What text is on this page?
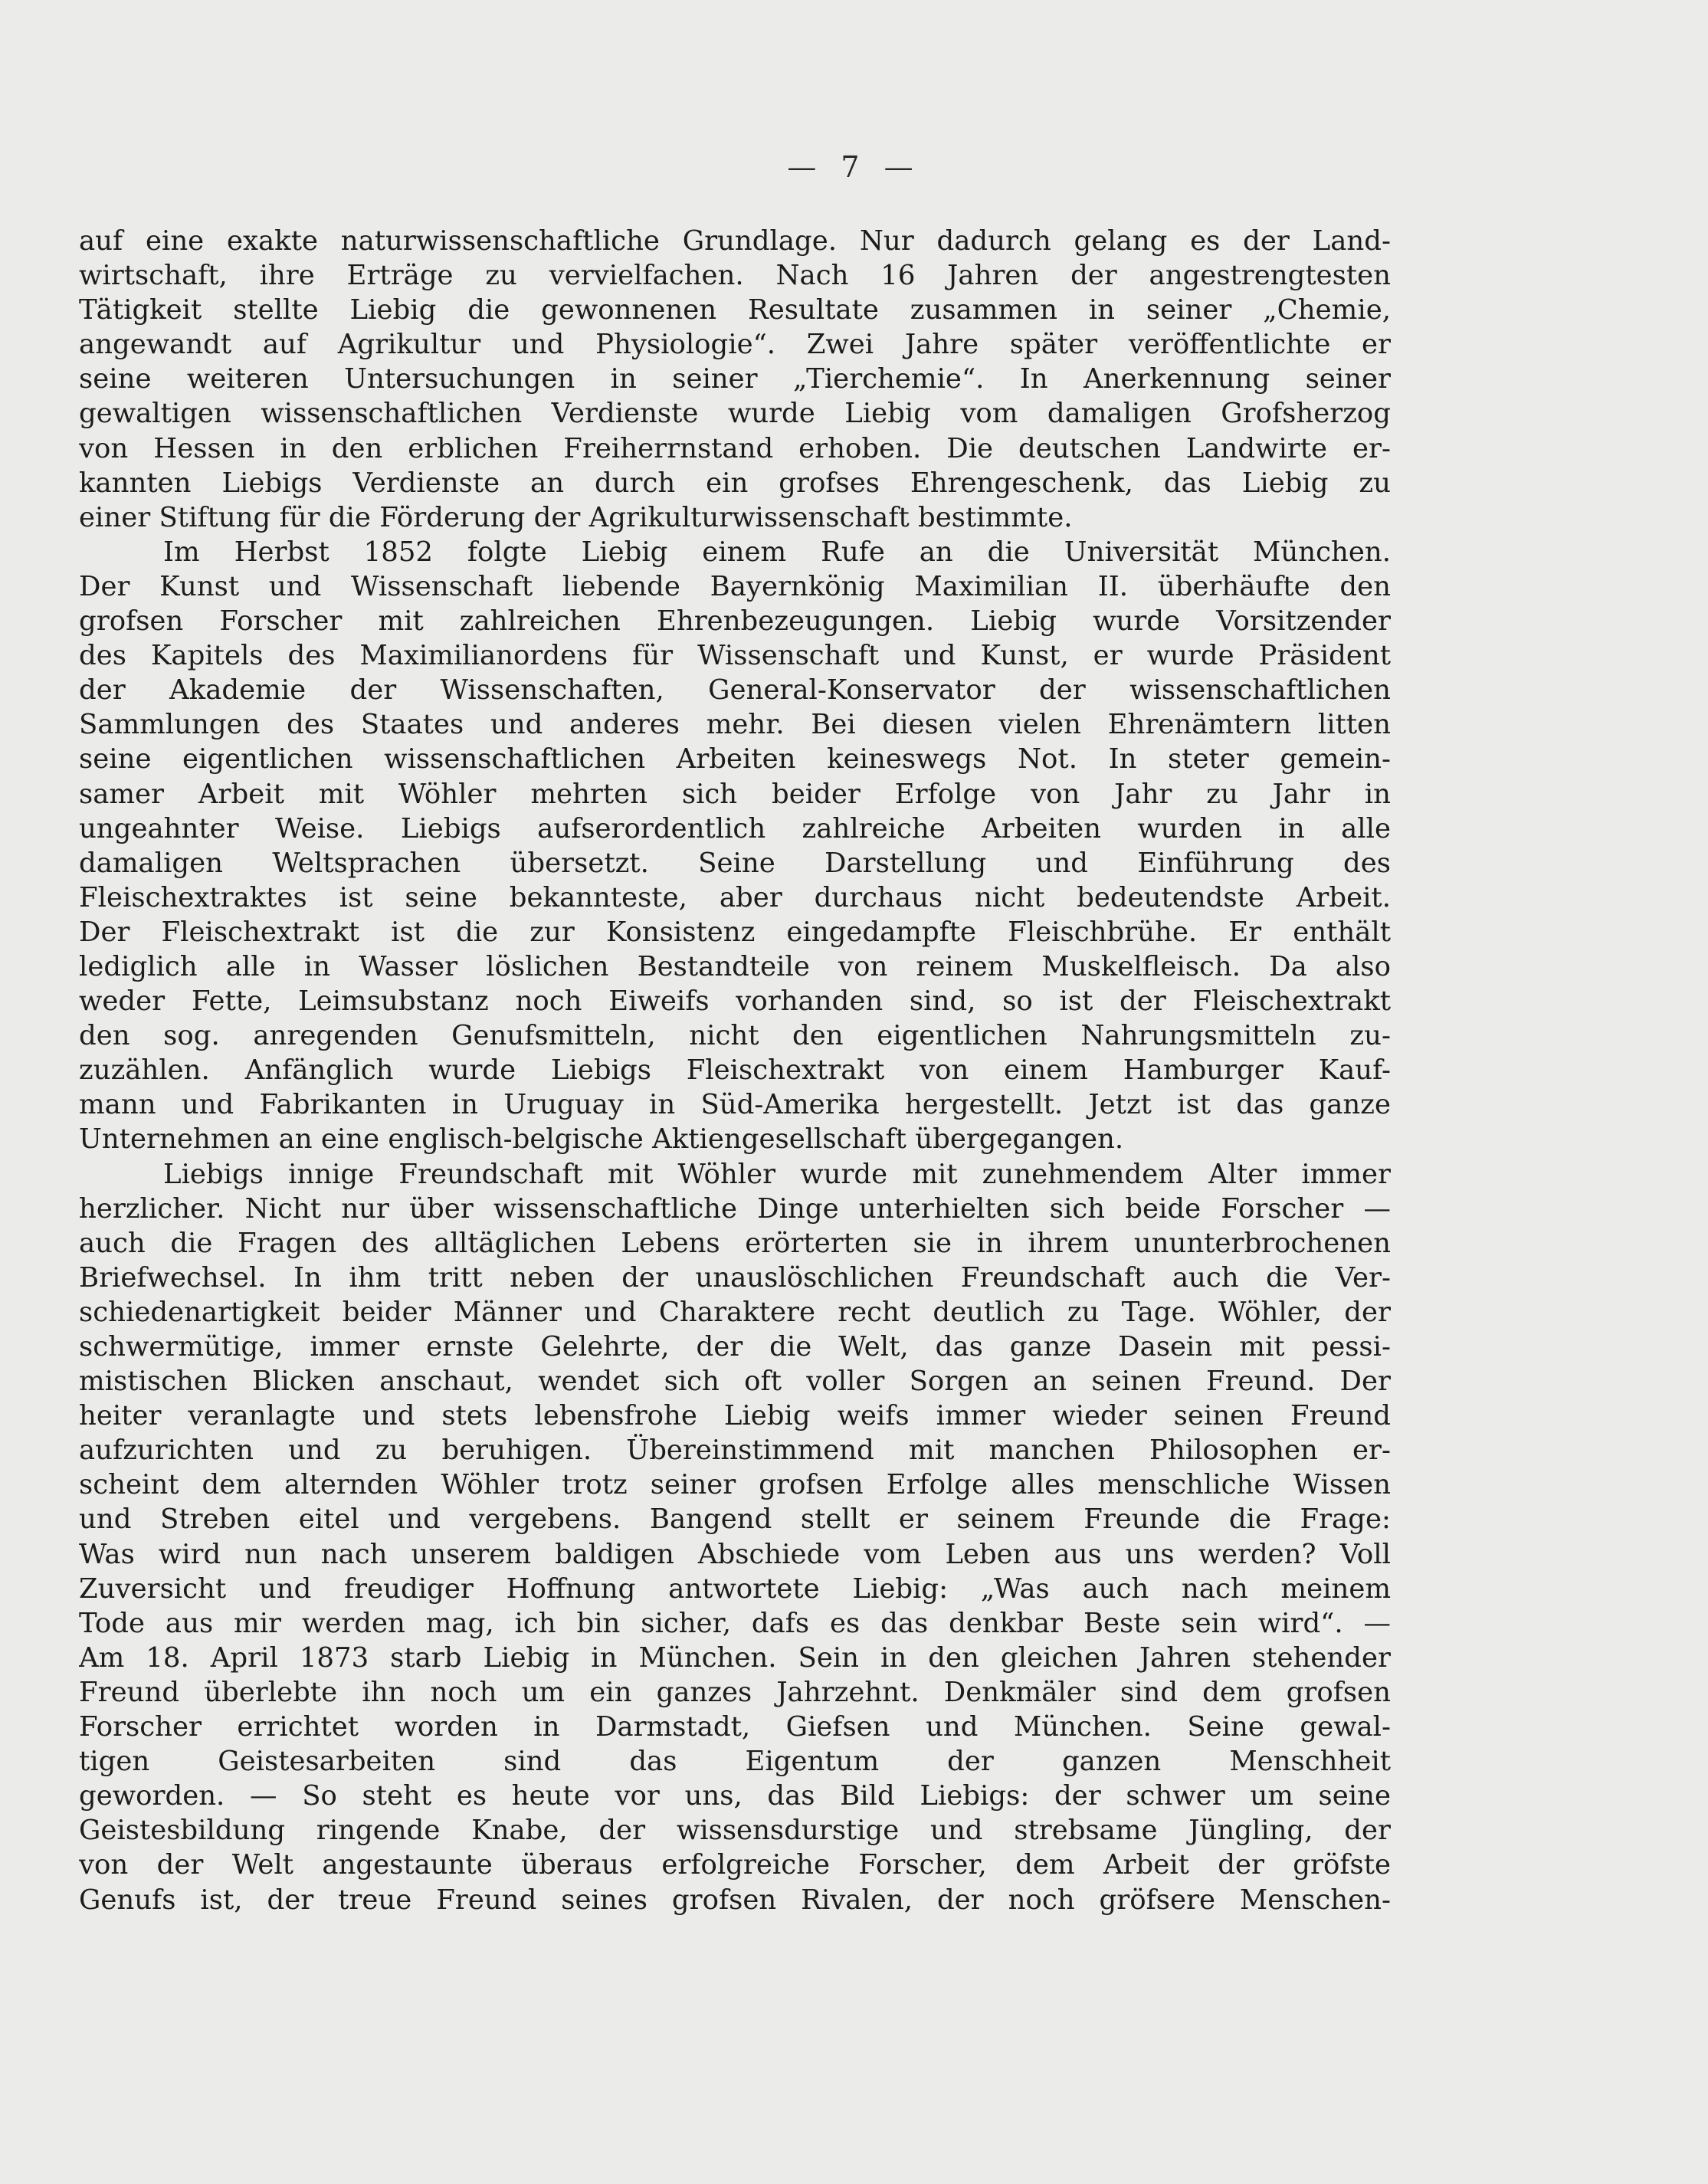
— 7 —
auf eine exakte naturwissenschaftliche Grundlage. Nur dadurch gelang es der Land-
wirtschaft, ihre Erträge zu vervielfachen. Nach 16 Jahren der angestrengtesten
Tätigkeit stellte Liebig die gewonnenen Resultate zusammen in seiner „Chemie,
angewandt auf Agrikultur und Physiologie“. Zwei Jahre später veröffentlichte er
seine weiteren Untersuchungen in seiner „Tierchemie“. In Anerkennung seiner
gewaltigen wissenschaftlichen Verdienste wurde Liebig vom damaligen Grofsherzog
von Hessen in den erblichen Freiherrnstand erhoben. Die deutschen Landwirte er-
kannten Liebigs Verdienste an durch ein grofses Ehrengeschenk, das Liebig zu
einer Stiftung für die Förderung der Agrikulturwissenschaft bestimmte.
Im Herbst 1852 folgte Liebig einem Rufe an die Universität München.
Der Kunst und Wissenschaft liebende Bayernkönig Maximilian II. überhäufte den
grofsen Forscher mit zahlreichen Ehrenbezeugungen. Liebig wurde Vorsitzender
des Kapitels des Maximilianordens für Wissenschaft und Kunst, er wurde Präsident
der Akademie der Wissenschaften, General-Konservator der wissenschaftlichen
Sammlungen des Staates und anderes mehr. Bei diesen vielen Ehrenämtern litten
seine eigentlichen wissenschaftlichen Arbeiten keineswegs Not. In steter gemein-
samer Arbeit mit Wöhler mehrten sich beider Erfolge von Jahr zu Jahr in
ungeahnter Weise. Liebigs aufserordentlich zahlreiche Arbeiten wurden in alle
damaligen Weltsprachen übersetzt. Seine Darstellung und Einführung des
Fleischextraktes ist seine bekannteste, aber durchaus nicht bedeutendste Arbeit.
Der Fleischextrakt ist die zur Konsistenz eingedampfte Fleischbrühe. Er enthält
lediglich alle in Wasser löslichen Bestandteile von reinem Muskelfleisch. Da also
weder Fette, Leimsubstanz noch Eiweifs vorhanden sind, so ist der Fleischextrakt
den sog. anregenden Genufsmitteln, nicht den eigentlichen Nahrungsmitteln zu-
zuzählen. Anfänglich wurde Liebigs Fleischextrakt von einem Hamburger Kauf-
mann und Fabrikanten in Uruguay in Süd-Amerika hergestellt. Jetzt ist das ganze
Unternehmen an eine englisch-belgische Aktiengesellschaft übergegangen.
Liebigs innige Freundschaft mit Wöhler wurde mit zunehmendem Alter immer
herzlicher. Nicht nur über wissenschaftliche Dinge unterhielten sich beide Forscher —
auch die Fragen des alltäglichen Lebens erörterten sie in ihrem ununterbrochenen
Briefwechsel. In ihm tritt neben der unauslöschlichen Freundschaft auch die Ver-
schiedenartigkeit beider Männer und Charaktere recht deutlich zu Tage. Wöhler, der
schwermütige, immer ernste Gelehrte, der die Welt, das ganze Dasein mit pessi-
mistischen Blicken anschaut, wendet sich oft voller Sorgen an seinen Freund. Der
heiter veranlagte und stets lebensfrohe Liebig weifs immer wieder seinen Freund
aufzurichten und zu beruhigen. Übereinstimmend mit manchen Philosophen er-
scheint dem alternden Wöhler trotz seiner grofsen Erfolge alles menschliche Wissen
und Streben eitel und vergebens. Bangend stellt er seinem Freunde die Frage:
Was wird nun nach unserem baldigen Abschiede vom Leben aus uns werden? Voll
Zuversicht und freudiger Hoffnung antwortete Liebig: „Was auch nach meinem
Tode aus mir werden mag, ich bin sicher, dafs es das denkbar Beste sein wird“. —
Am 18. April 1873 starb Liebig in München. Sein in den gleichen Jahren stehender
Freund überlebte ihn noch um ein ganzes Jahrzehnt. Denkmäler sind dem grofsen
Forscher errichtet worden in Darmstadt, Giefsen und München. Seine gewal-
tigen Geistesarbeiten sind das Eigentum der ganzen Menschheit
geworden. — So steht es heute vor uns, das Bild Liebigs: der schwer um seine
Geistesbildung ringende Knabe, der wissensdurstige und strebsame Jüngling, der
von der Welt angestaunte überaus erfolgreiche Forscher, dem Arbeit der gröfste
Genufs ist, der treue Freund seines grofsen Rivalen, der noch gröfsere Menschen-
